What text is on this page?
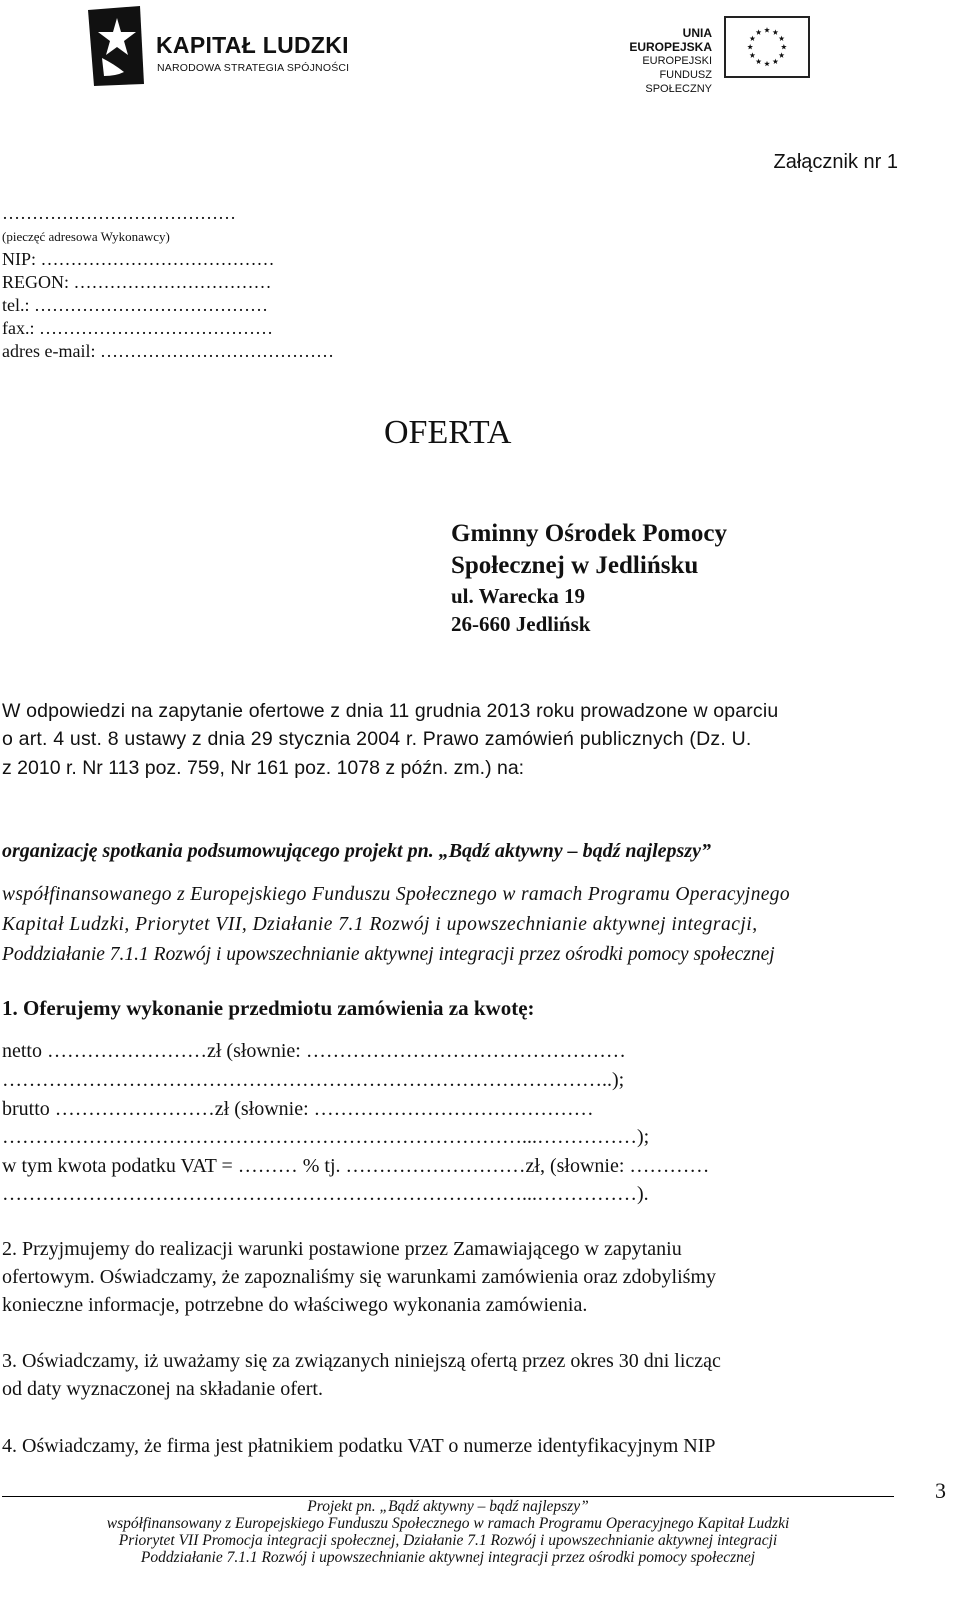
KAPITAŁ LUDZKI
NARODOWA STRATEGIA SPÓJNOŚCI
UNIA EUROPEJSKA
EUROPEJSKI
FUNDUSZ SPOŁECZNY
Załącznik nr 1
…………………………………
(pieczęć adresowa Wykonawcy)
NIP: …………………………………
REGON: ……………………………
tel.: …………………………………
fax.: …………………………………
adres e-mail: …………………………………
OFERTA
Gminny Ośrodek Pomocy
Społecznej w Jedlińsku
ul. Warecka 19
26-660 Jedlińsk
W odpowiedzi na zapytanie ofertowe z dnia 11 grudnia 2013 roku prowadzone w oparciu
o art. 4 ust. 8 ustawy z dnia 29 stycznia 2004 r. Prawo zamówień publicznych (Dz. U.
z 2010 r. Nr 113 poz. 759, Nr 161 poz. 1078 z późn. zm.) na:
organizację spotkania podsumowującego projekt pn. „Bądź aktywny – bądź najlepszy”
współfinansowanego z Europejskiego Funduszu Społecznego w ramach Programu Operacyjnego
Kapitał Ludzki, Priorytet VII, Działanie 7.1 Rozwój i upowszechnianie aktywnej integracji,
Poddziałanie 7.1.1 Rozwój i upowszechnianie aktywnej integracji przez ośrodki pomocy społecznej
1. Oferujemy wykonanie przedmiotu zamówienia za kwotę:
netto ……………………zł (słownie: …………………………………………
………………………………………………………………………………..);
brutto ……………………zł (słownie: ……………………………………
……………………………………………………………………...……………);
w tym kwota podatku VAT = ……… % tj. ………………………zł, (słownie: …………
……………………………………………………………………...……………).
2. Przyjmujemy do realizacji warunki postawione przez Zamawiającego w zapytaniu
ofertowym. Oświadczamy, że zapoznaliśmy się warunkami zamówienia oraz zdobyliśmy
konieczne informacje, potrzebne do właściwego wykonania zamówienia.
3. Oświadczamy, iż uważamy się za związanych niniejszą ofertą przez okres 30 dni licząc
od daty wyznaczonej na składanie ofert.
4. Oświadczamy, że firma jest płatnikiem podatku VAT o numerze identyfikacyjnym NIP
3
Projekt pn. „Bądź aktywny – bądź najlepszy”
współfinansowany z Europejskiego Funduszu Społecznego w ramach Programu Operacyjnego Kapitał Ludzki
Priorytet VII Promocja integracji społecznej, Działanie 7.1 Rozwój i upowszechnianie aktywnej integracji
Poddziałanie 7.1.1 Rozwój i upowszechnianie aktywnej integracji przez ośrodki pomocy społecznej
